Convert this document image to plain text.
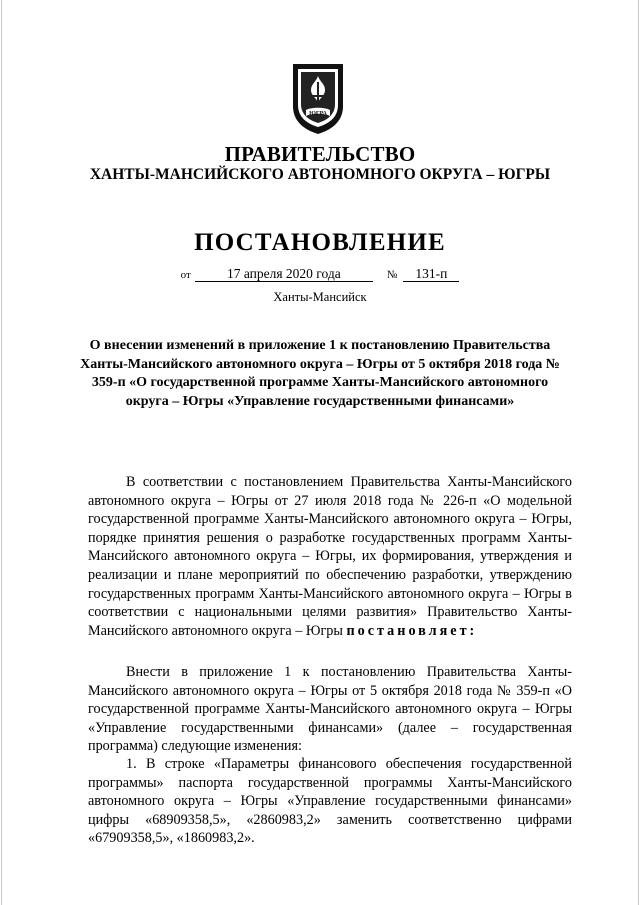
ЮГРА
ПРАВИТЕЛЬСТВО
ХАНТЫ-МАНСИЙСКОГО АВТОНОМНОГО ОКРУГА – ЮГРЫ
ПОСТАНОВЛЕНИЕ
от	17 апреля 2020 года	№ 131-п
Ханты-Мансийск
О внесении изменений в приложение 1 к постановлению Правительства Ханты-Мансийского автономного округа – Югры от 5 октября 2018 года № 359-п «О государственной программе Ханты-Мансийского автономного округа – Югры «Управление государственными финансами»
В соответствии с постановлением Правительства Ханты-Мансийского автономного округа – Югры от 27 июля 2018 года № 226-п «О модельной государственной программе Ханты-Мансийского автономного округа – Югры, порядке принятия решения о разработке государственных программ Ханты-Мансийского автономного округа – Югры, их формирования, утверждения и реализации и плане мероприятий по обеспечению разработки, утверждению государственных программ Ханты-Мансийского автономного округа – Югры в соответствии с национальными целями развития» Правительство Ханты-Мансийского автономного округа – Югры постановляет:
Внести в приложение 1 к постановлению Правительства Ханты-Мансийского автономного округа – Югры от 5 октября 2018 года № 359-п «О государственной программе Ханты-Мансийского автономного округа – Югры «Управление государственными финансами» (далее – государственная программа) следующие изменения:
1. В строке «Параметры финансового обеспечения государственной программы» паспорта государственной программы Ханты-Мансийского автономного округа – Югры «Управление государственными финансами» цифры «68909358,5», «2860983,2» заменить соответственно цифрами «67909358,5», «1860983,2».
